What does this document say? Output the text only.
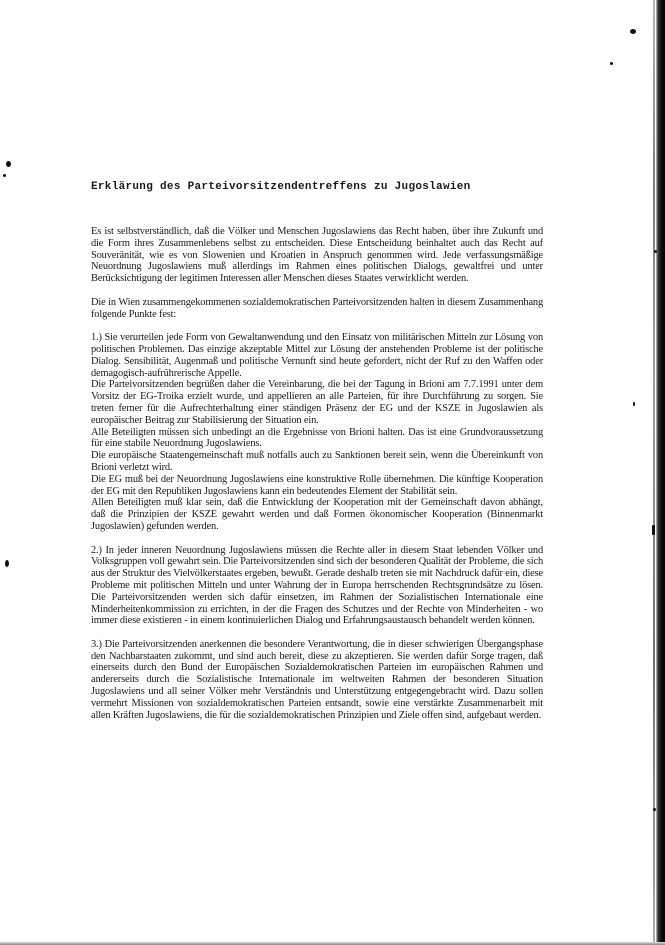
Erklärung des Parteivorsitzendentreffens zu Jugoslawien

Es ist selbstverständlich, daß die Völker und Menschen Jugoslawiens das Recht haben, über ihre Zukunft und die Form ihres Zusammenlebens selbst zu entscheiden. Diese Entscheidung beinhaltet auch das Recht auf Souveränität, wie es von Slowenien und Kroatien in Anspruch genommen wird. Jede verfassungsmäßige Neuordnung Jugoslawiens muß allerdings im Rahmen eines politischen Dialogs, gewaltfrei und unter Berücksichtigung der legitimen Interessen aller Menschen dieses Staates verwirklicht werden.

Die in Wien zusammengekommenen sozialdemokratischen Parteivorsitzenden halten in diesem Zusammenhang folgende Punkte fest:

1.) Sie verurteilen jede Form von Gewaltanwendung und den Einsatz von militärischen Mitteln zur Lösung von politischen Problemen. Das einzige akzeptable Mittel zur Lösung der anstehenden Probleme ist der politische Dialog. Sensibilität, Augenmaß und politische Vernunft sind heute gefordert, nicht der Ruf zu den Waffen oder demagogisch-aufrührerische Appelle.
Die Parteivorsitzenden begrüßen daher die Vereinbarung, die bei der Tagung in Brioni am 7.7.1991 unter dem Vorsitz der EG-Troika erzielt wurde, und appellieren an alle Parteien, für ihre Durchführung zu sorgen. Sie treten ferner für die Aufrechterhaltung einer ständigen Präsenz der EG und der KSZE in Jugoslawien als europäischer Beitrag zur Stabilisierung der Situation ein.
Alle Beteiligten müssen sich unbedingt an die Ergebnisse von Brioni halten. Das ist eine Grundvoraussetzung für eine stabile Neuordnung Jugoslawiens.
Die europäische Staatengemeinschaft muß notfalls auch zu Sanktionen bereit sein, wenn die Übereinkunft von Brioni verletzt wird.
Die EG muß bei der Neuordnung Jugoslawiens eine konstruktive Rolle übernehmen. Die künftige Kooperation der EG mit den Republiken Jugoslawiens kann ein bedeutendes Element der Stabilität sein.
Allen Beteiligten muß klar sein, daß die Entwicklung der Kooperation mit der Gemeinschaft davon abhängt, daß die Prinzipien der KSZE gewahrt werden und daß Formen ökonomischer Kooperation (Binnenmarkt Jugoslawien) gefunden werden.

2.) In jeder inneren Neuordnung Jugoslawiens müssen die Rechte aller in diesem Staat lebenden Völker und Volksgruppen voll gewahrt sein. Die Parteivorsitzenden sind sich der besonderen Qualität der Probleme, die sich aus der Struktur des Vielvölkerstaates ergeben, bewußt. Gerade deshalb treten sie mit Nachdruck dafür ein, diese Probleme mit politischen Mitteln und unter Wahrung der in Europa herrschenden Rechtsgrundsätze zu lösen. Die Parteivorsitzenden werden sich dafür einsetzen, im Rahmen der Sozialistischen Internationale eine Minderheitenkommission zu errichten, in der die Fragen des Schutzes und der Rechte von Minderheiten - wo immer diese existieren - in einem kontinuierlichen Dialog und Erfahrungsaustausch behandelt werden können.

3.) Die Parteivorsitzenden anerkennen die besondere Verantwortung, die in dieser schwierigen Übergangsphase den Nachbarstaaten zukommt, und sind auch bereit, diese zu akzeptieren. Sie werden dafür Sorge tragen, daß einerseits durch den Bund der Europäischen Sozialdemokratischen Parteien im europäischen Rahmen und andererseits durch die Sozialistische Internationale im weltweiten Rahmen der besonderen Situation Jugoslawiens und all seiner Völker mehr Verständnis und Unterstützung entgegengebracht wird. Dazu sollen vermehrt Missionen von sozialdemokratischen Parteien entsandt, sowie eine verstärkte Zusammenarbeit mit allen Kräften Jugoslawiens, die für die sozialdemokratischen Prinzipien und Ziele offen sind, aufgebaut werden.
